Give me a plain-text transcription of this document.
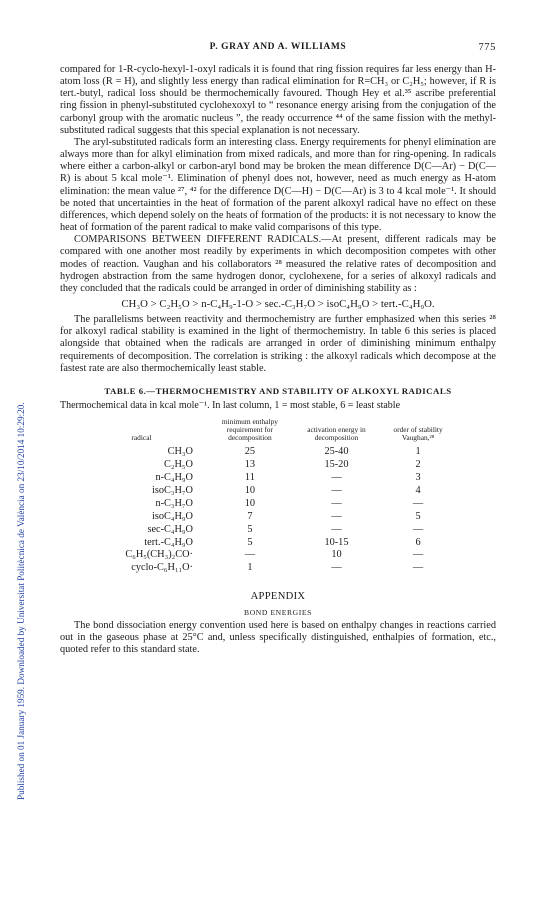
Published on 01 January 1959. Downloaded by Universitat Politècnica de València on 23/10/2014 10:29:20.
P. GRAY AND A. WILLIAMS	775

compared for 1-R-cyclo-hexyl-1-oxyl radicals it is found that ring fission requires far less energy than H-atom loss (R = H), and slightly less energy than radical elimination for R=CH₃ or C₂H₅; however, if R is tert.-butyl, radical loss should be thermochemically favoured. Though Hey et al.³⁵ ascribe preferential ring fission in phenyl-substituted cyclohexoxyl to “ resonance energy arising from the conjugation of the carbonyl group with the aromatic nucleus ”, the ready occurrence ⁴⁴ of the same fission with the methyl-substituted radical suggests that this special explanation is not necessary.

The aryl-substituted radicals form an interesting class. Energy requirements for phenyl elimination are always more than for alkyl elimination from mixed radicals, and more than for ring-opening. In radicals where either a carbon-alkyl or carbon-aryl bond may be broken the mean difference D(C—Ar) − D(C—R) is about 5 kcal mole⁻¹. Elimination of phenyl does not, however, need as much energy as H-atom elimination: the mean value ²⁷, ⁴² for the difference D(C—H) − D(C—Ar) is 3 to 4 kcal mole⁻¹. It should be noted that uncertainties in the heat of formation of the parent alkoxyl radical have no effect on these differences, which depend solely on the heats of formation of the products: it is not necessary to know the heat of formation of the parent radical to make valid comparisons of this type.

COMPARISONS BETWEEN DIFFERENT RADICALS.—At present, different radicals may be compared with one another most readily by experiments in which decomposition competes with other modes of reaction. Vaughan and his collaborators ²⁸ measured the relative rates of decomposition and hydrogen abstraction from the same hydrogen donor, cyclohexene, for a series of alkoxyl radicals and they concluded that the radicals could be arranged in order of diminishing stability as :

CH₃O > C₂H₅O > n-C₄H₉-1-O > sec.-C₃H₇O > isoC₄H₉O > tert.-C₄H₉O.

The parallelisms between reactivity and thermochemistry are further emphasized when this series ²⁸ for alkoxyl radical stability is examined in the light of thermochemistry. In table 6 this series is placed alongside that obtained when the radicals are arranged in order of diminishing minimum enthalpy requirements of decomposition. The correlation is striking : the alkoxyl radicals which decompose at the fastest rate are also thermochemically least stable.

TABLE 6.—THERMOCHEMISTRY AND STABILITY OF ALKOXYL RADICALS
Thermochemical data in kcal mole⁻¹. In last column, 1 = most stable, 6 = least stable
radical	minimum enthalpy requirement for decomposition	activation energy in decomposition	order of stability Vaughan,²⁸
CH₃O	25	25-40	1
C₂H₅O	13	15-20	2
n-C₄H₉O	11	—	3
isoC₃H₇O	10	—	4
n-C₃H₇O	10	—	—
isoC₄H₉O	7	—	5
sec-C₄H₉O	5	—	—
tert.-C₄H₉O	5	10-15	6
C₆H₅(CH₃)₂CO·	—	10	—
cyclo-C₆H₁₁O·	1	—	—
APPENDIX
BOND ENERGIES

The bond dissociation energy convention used here is based on enthalpy changes in reactions carried out in the gaseous phase at 25°C and, unless specifically distinguished, enthalpies of formation, etc., quoted refer to this standard state.
